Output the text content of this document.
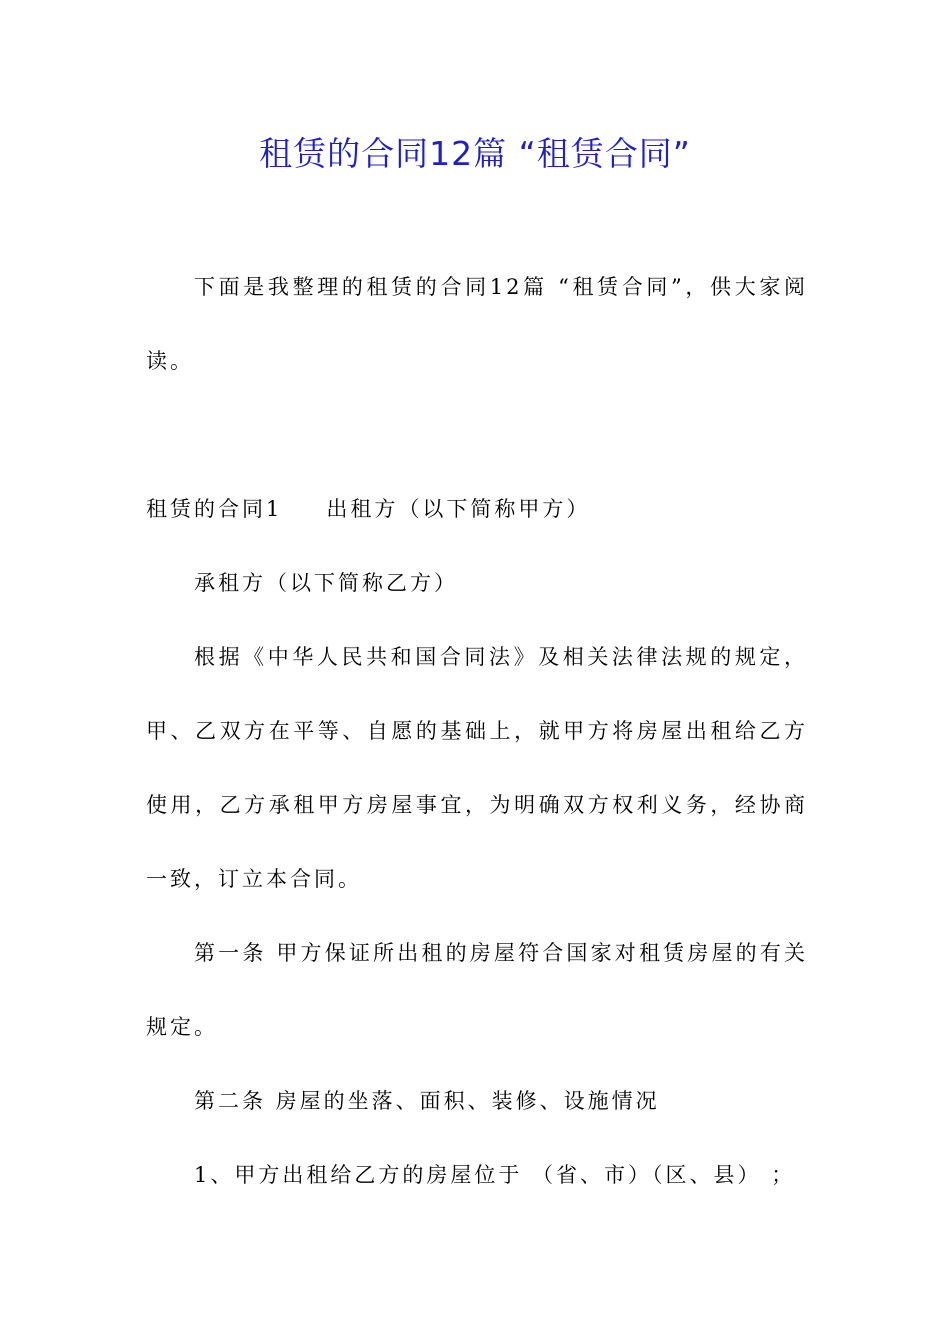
租赁的合同12篇 “租赁合同”

下面是我整理的租赁的合同12篇 “租赁合同”，供大家阅读。

租赁的合同1 出租方（以下简称甲方）

承租方（以下简称乙方）

根据《中华人民共和国合同法》及相关法律法规的规定，甲、乙双方在平等、自愿的基础上，就甲方将房屋出租给乙方使用，乙方承租甲方房屋事宜，为明确双方权利义务，经协商一致，订立本合同。

第一条 甲方保证所出租的房屋符合国家对租赁房屋的有关规定。

第二条 房屋的坐落、面积、装修、设施情况

1、甲方出租给乙方的房屋位于 （省、市）（区、县） ；
